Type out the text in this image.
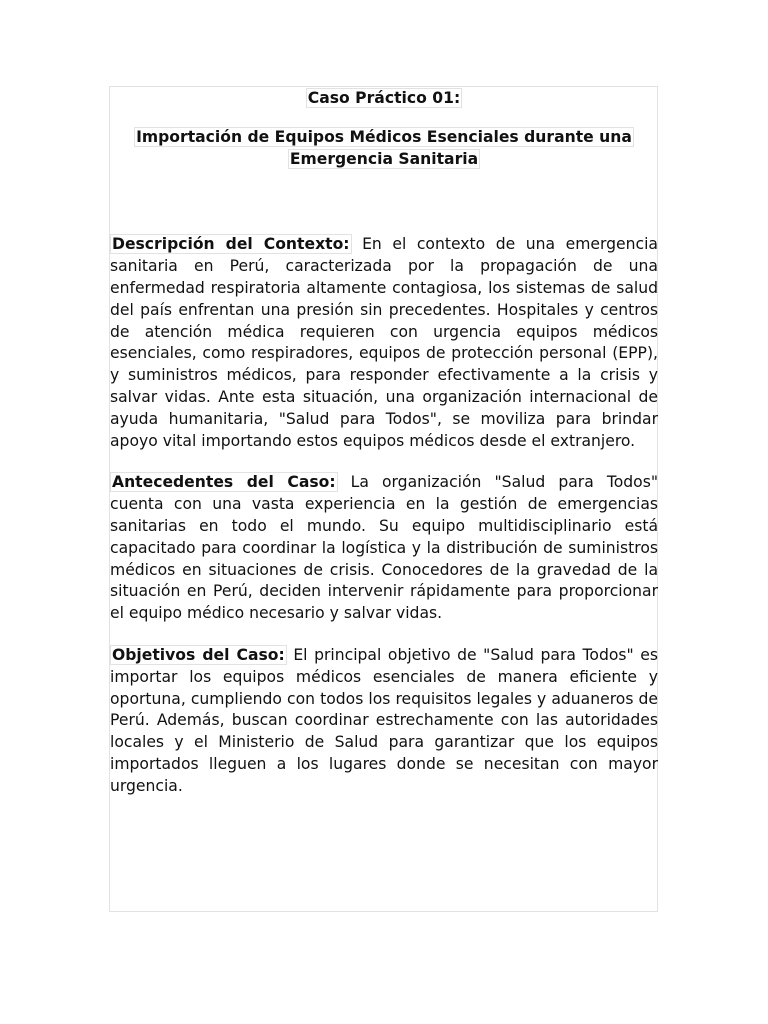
Caso Práctico 01:

Importación de Equipos Médicos Esenciales durante una
Emergencia Sanitaria

Descripción del Contexto: En el contexto de una emergencia sanitaria en Perú, caracterizada por la propagación de una enfermedad respiratoria altamente contagiosa, los sistemas de salud del país enfrentan una presión sin precedentes. Hospitales y centros de atención médica requieren con urgencia equipos médicos esenciales, como respiradores, equipos de protección personal (EPP), y suministros médicos, para responder efectivamente a la crisis y salvar vidas. Ante esta situación, una organización internacional de ayuda humanitaria, "Salud para Todos", se moviliza para brindar apoyo vital importando estos equipos médicos desde el extranjero.

Antecedentes del Caso: La organización "Salud para Todos" cuenta con una vasta experiencia en la gestión de emergencias sanitarias en todo el mundo. Su equipo multidisciplinario está capacitado para coordinar la logística y la distribución de suministros médicos en situaciones de crisis. Conocedores de la gravedad de la situación en Perú, deciden intervenir rápidamente para proporcionar el equipo médico necesario y salvar vidas.

Objetivos del Caso: El principal objetivo de "Salud para Todos" es importar los equipos médicos esenciales de manera eficiente y oportuna, cumpliendo con todos los requisitos legales y aduaneros de Perú. Además, buscan coordinar estrechamente con las autoridades locales y el Ministerio de Salud para garantizar que los equipos importados lleguen a los lugares donde se necesitan con mayor urgencia.
